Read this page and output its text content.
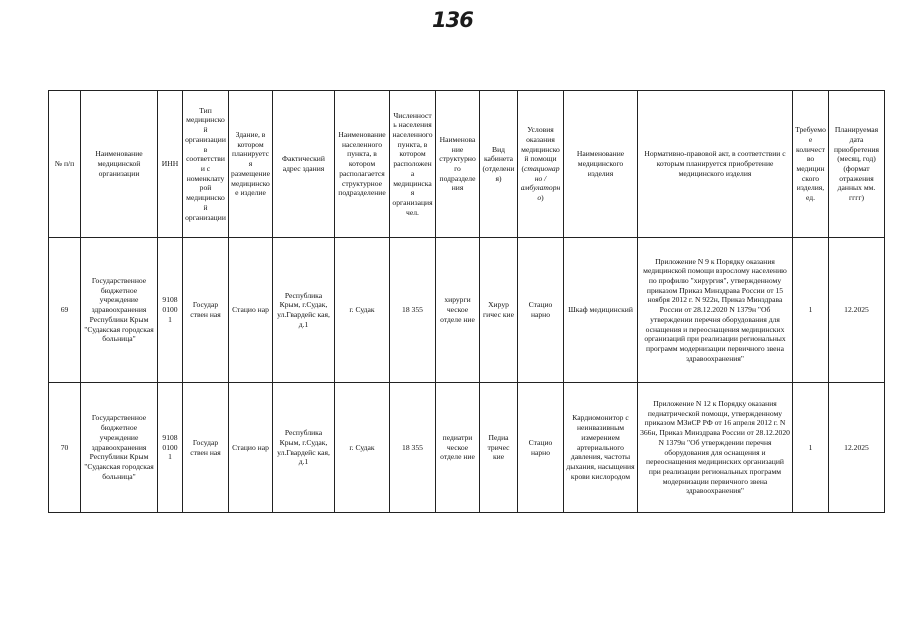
136
№ п/п	Наименование медицинской организации	ИНН	Тип медицинской организации в соответствии с номенклатурой медицинской организации	Здание, в котором планируется размещение медицинское изделие	Фактический адрес здания	Наименование населенного пункта, в котором располагается структурное подразделение	Численность населения населенного пункта, в котором расположена медицинская организация чел.	Наименование структурного подразделения	Вид кабинета (отделения)	Условия оказания медицинской помощи (стационарно / амбулаторно)	Наименование медицинского изделия	Нормативно-правовой акт, в соответствии с которым планируется приобретение медицинского изделия	Требуемое количество медицинского изделия, ед.	Планируемая дата приобретения (месяц, год) (формат отражения данных мм. гггг)
69	Государственное бюджетное учреждение здравоохранения Республики Крым "Судакская городская больница"	9108 0100 1	Государ ствен ная	Стацио нар	Республика Крым, г.Судак, ул.Гвардейс кая, д.1	г. Судак	18 355	хирурги ческое отделе ние	Хирур гичес кие	Стацио нарно	Шкаф медицинский	Приложение N 9 к Порядку оказания медицинской помощи взрослому населению по профилю "хирургия", утвержденному приказом Приказ Минздрава России от 15 ноября 2012 г. N 922н, Приказ Минздрава России от 28.12.2020 N 1379н "Об утверждении перечня оборудования для оснащения и переоснащения медицинских организаций при реализации региональных программ модернизации первичного звена здравоохранения"	1	12.2025
70	Государственное бюджетное учреждение здравоохранения Республики Крым "Судакская городская больница"	9108 0100 1	Государ ствен ная	Стацио нар	Республика Крым, г.Судак, ул.Гвардейс кая, д.1	г. Судак	18 355	педиатри ческое отделе ние	Педиа тричес кие	Стацио нарно	Кардиомонитор с неинвазивным измерением артериального давления, частоты дыхания, насыщения крови кислородом	Приложение N 12 к Порядку оказания педиатрической помощи, утвержденному приказом МЗиСР РФ от 16 апреля 2012 г. N 366н, Приказ Минздрава России от 28.12.2020 N 1379н "Об утверждении перечня оборудования для оснащения и переоснащения медицинских организаций при реализации региональных программ модернизации первичного звена здравоохранения"	1	12.2025
